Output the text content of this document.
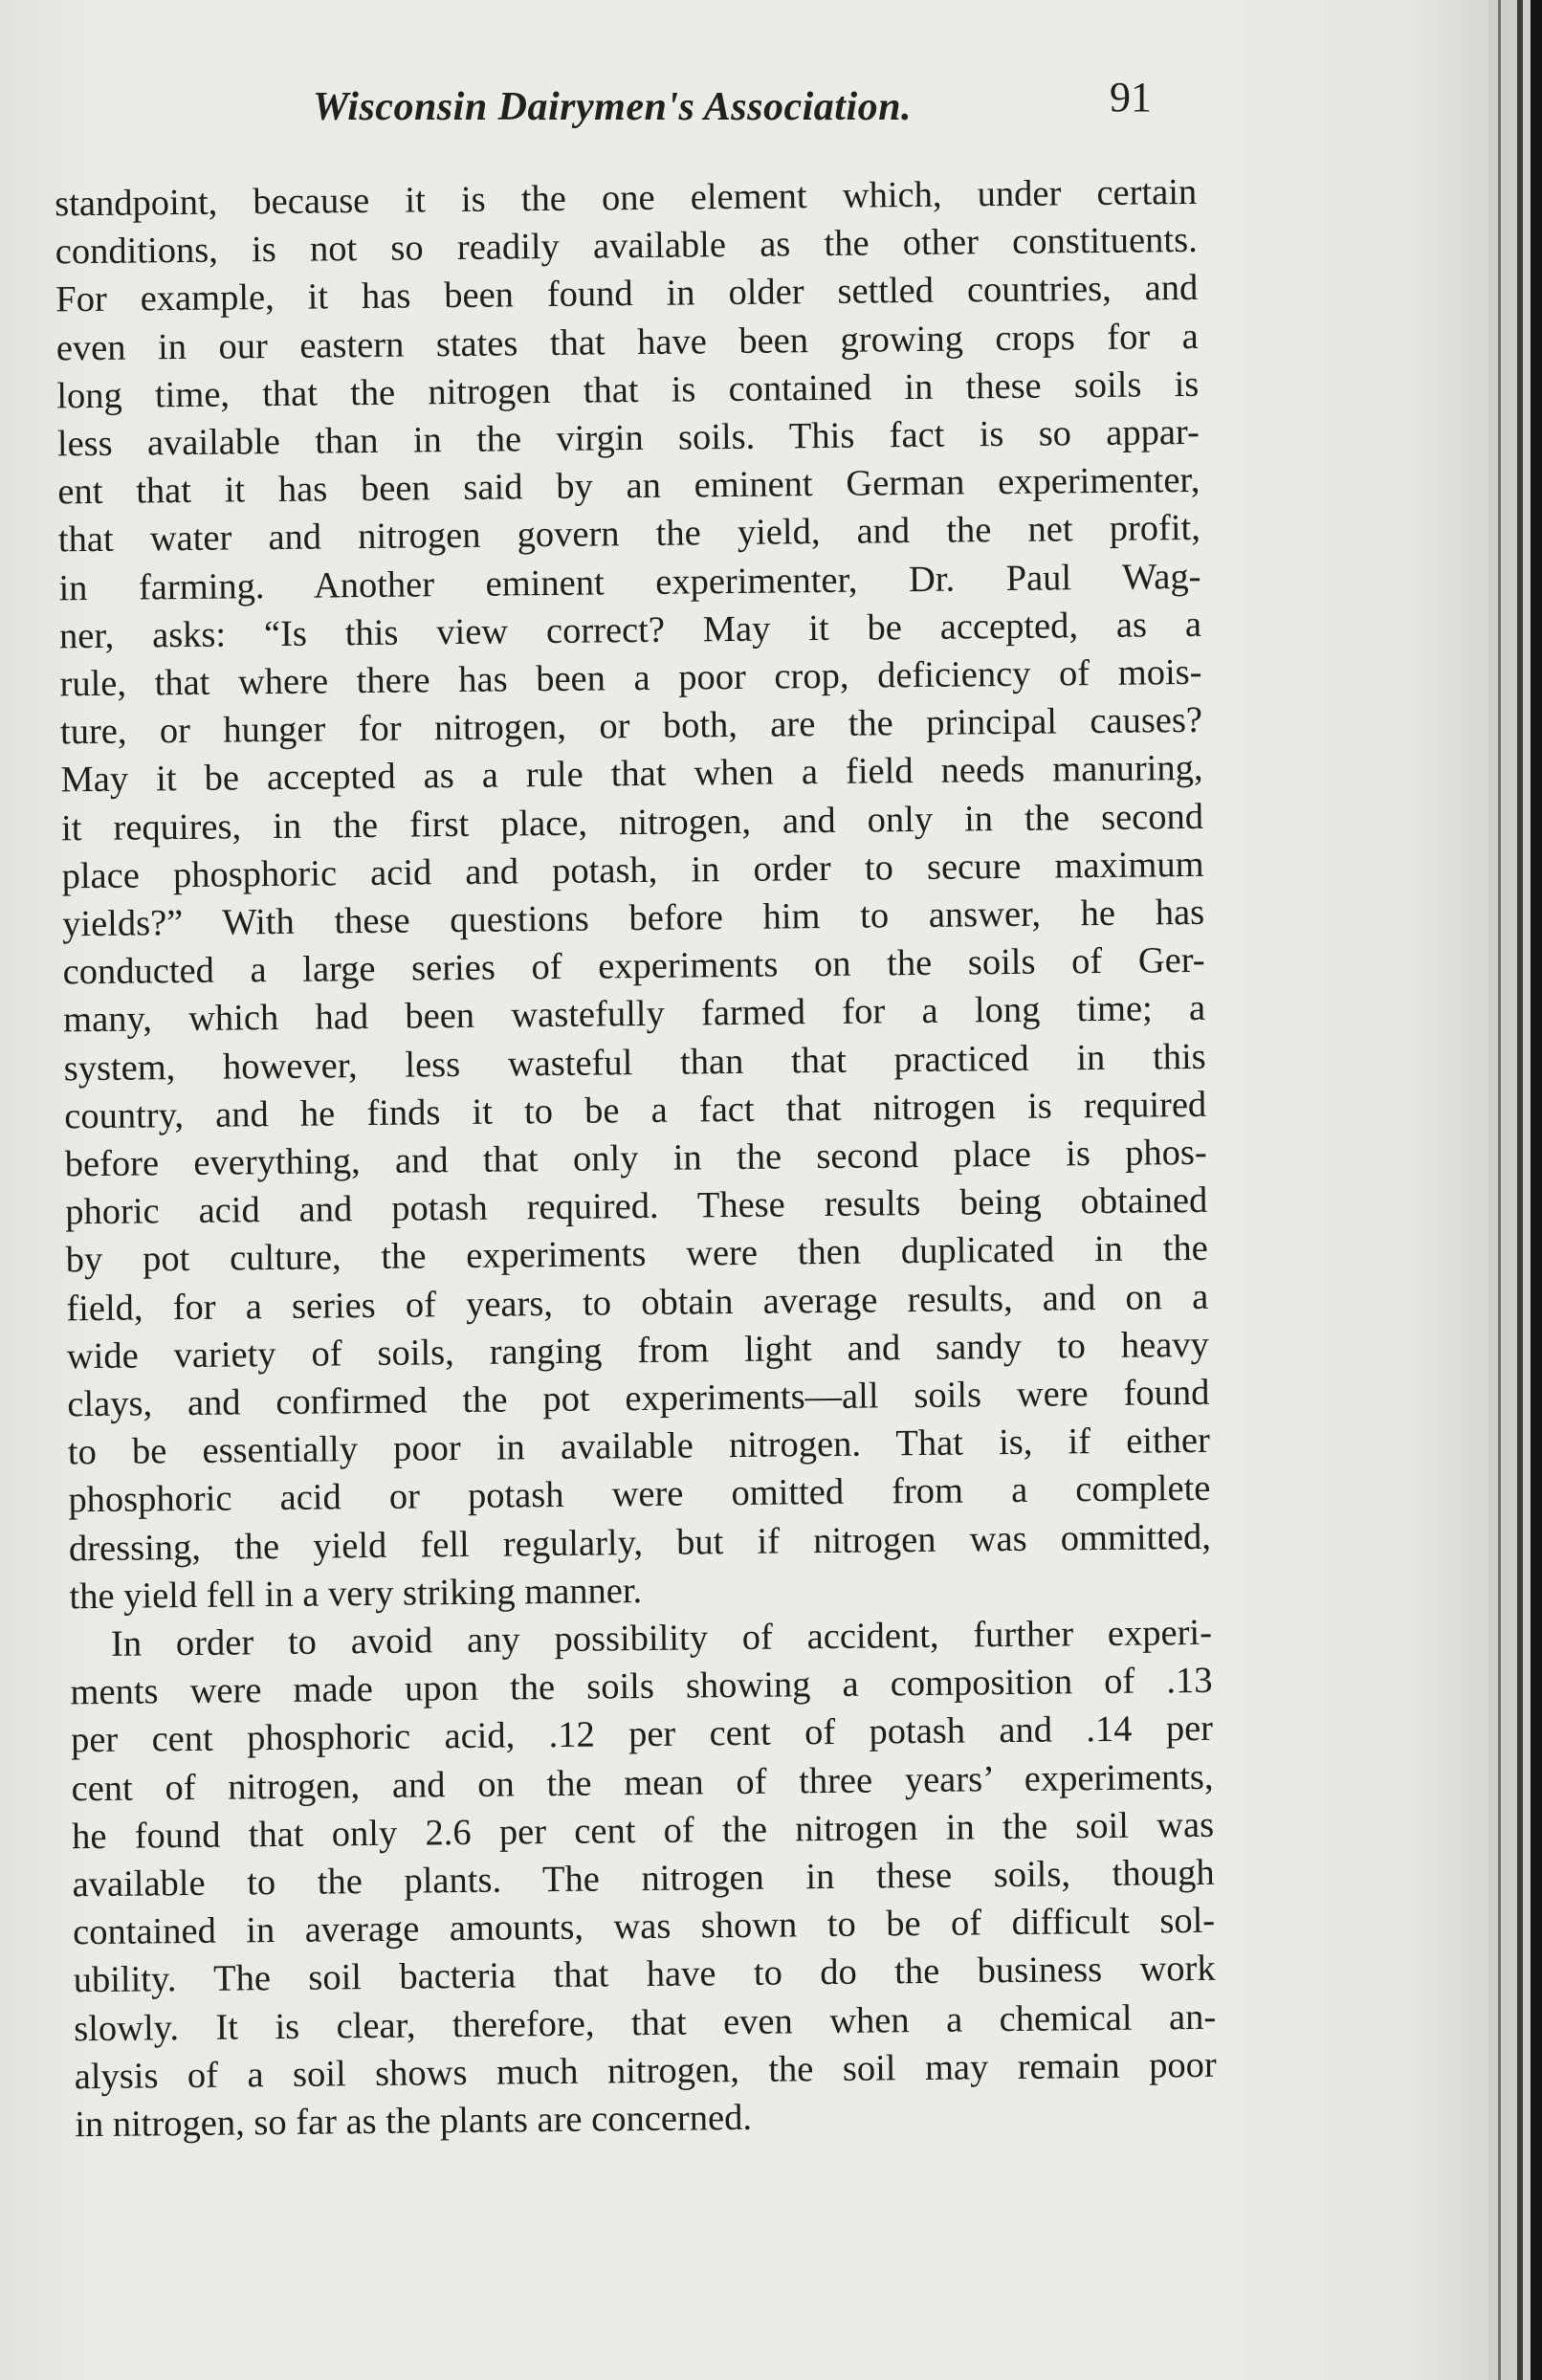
Wisconsin Dairymen's Association.	91
standpoint, because it is the one element which, under certain
conditions, is not so readily available as the other constituents.
For example, it has been found in older settled countries, and
even in our eastern states that have been growing crops for a
long time, that the nitrogen that is contained in these soils is
less available than in the virgin soils. This fact is so appar-
ent that it has been said by an eminent German experimenter,
that water and nitrogen govern the yield, and the net profit,
in farming. Another eminent experimenter, Dr. Paul Wag-
ner, asks: “Is this view correct? May it be accepted, as a
rule, that where there has been a poor crop, deficiency of mois-
ture, or hunger for nitrogen, or both, are the principal causes?
May it be accepted as a rule that when a field needs manuring,
it requires, in the first place, nitrogen, and only in the second
place phosphoric acid and potash, in order to secure maximum
yields?” With these questions before him to answer, he has
conducted a large series of experiments on the soils of Ger-
many, which had been wastefully farmed for a long time; a
system, however, less wasteful than that practiced in this
country, and he finds it to be a fact that nitrogen is required
before everything, and that only in the second place is phos-
phoric acid and potash required. These results being obtained
by pot culture, the experiments were then duplicated in the
field, for a series of years, to obtain average results, and on a
wide variety of soils, ranging from light and sandy to heavy
clays, and confirmed the pot experiments—all soils were found
to be essentially poor in available nitrogen. That is, if either
phosphoric acid or potash were omitted from a complete
dressing, the yield fell regularly, but if nitrogen was ommitted,
the yield fell in a very striking manner.
In order to avoid any possibility of accident, further experi-
ments were made upon the soils showing a composition of .13
per cent phosphoric acid, .12 per cent of potash and .14 per
cent of nitrogen, and on the mean of three years’ experiments,
he found that only 2.6 per cent of the nitrogen in the soil was
available to the plants. The nitrogen in these soils, though
contained in average amounts, was shown to be of difficult sol-
ubility. The soil bacteria that have to do the business work
slowly. It is clear, therefore, that even when a chemical an-
alysis of a soil shows much nitrogen, the soil may remain poor
in nitrogen, so far as the plants are concerned.
